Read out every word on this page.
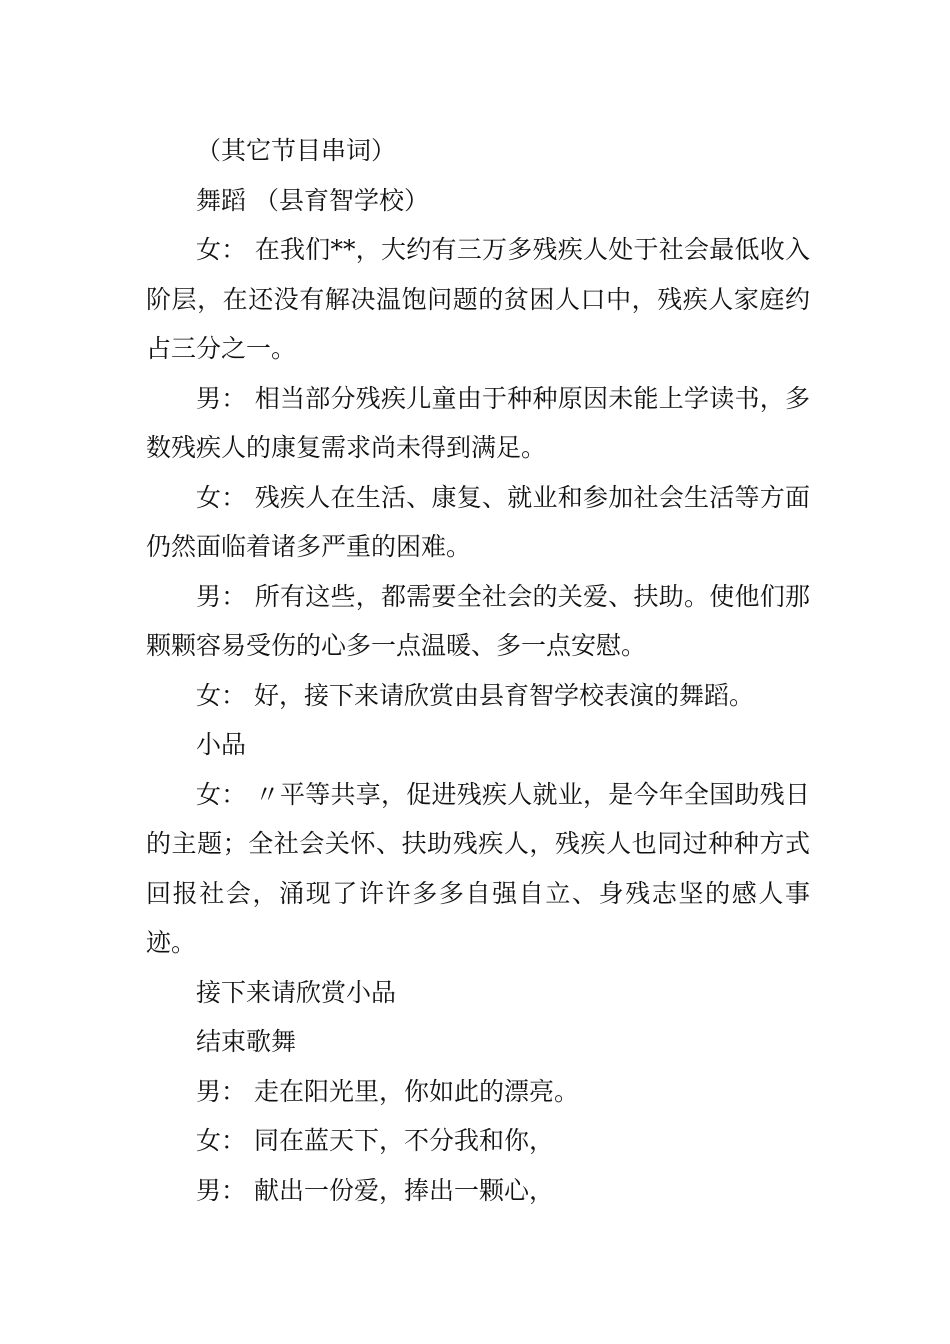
（其它节目串词）

舞蹈 （县育智学校）

女： 在我们**，大约有三万多残疾人处于社会最低收入阶层，在还没有解决温饱问题的贫困人口中，残疾人家庭约占三分之一。

男： 相当部分残疾儿童由于种种原因未能上学读书，多数残疾人的康复需求尚未得到满足。

女： 残疾人在生活、康复、就业和参加社会生活等方面仍然面临着诸多严重的困难。

男： 所有这些，都需要全社会的关爱、扶助。使他们那颗颗容易受伤的心多一点温暖、多一点安慰。

女： 好，接下来请欣赏由县育智学校表演的舞蹈。

小品

女： 〃平等共享，促进残疾人就业，是今年全国助残日的主题；全社会关怀、扶助残疾人，残疾人也同过种种方式回报社会，涌现了许许多多自强自立、身残志坚的感人事迹。

接下来请欣赏小品

结束歌舞

男： 走在阳光里，你如此的漂亮。

女： 同在蓝天下，不分我和你，

男： 献出一份爱，捧出一颗心，
